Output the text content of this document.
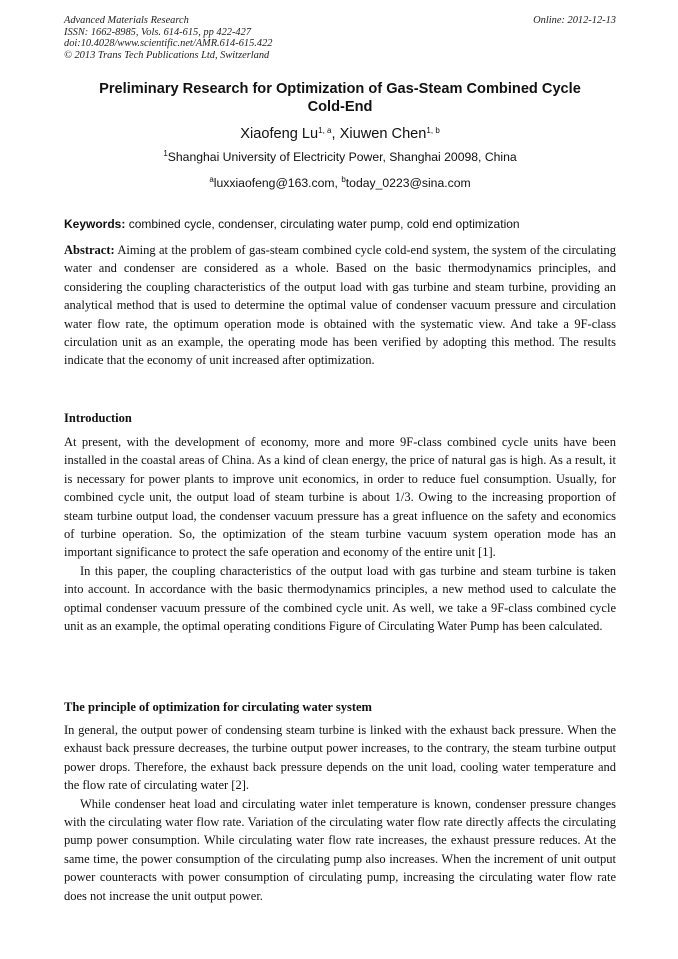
Advanced Materials Research
ISSN: 1662-8985, Vols. 614-615, pp 422-427
doi:10.4028/www.scientific.net/AMR.614-615.422
© 2013 Trans Tech Publications Ltd, Switzerland
Online: 2012-12-13
Preliminary Research for Optimization of Gas-Steam Combined Cycle
Cold-End
Xiaofeng Lu$^{1, a}$, Xiuwen Chen$^{1, b}$
$^1$Shanghai University of Electricity Power, Shanghai 20098, China
$^a$luxxiaofeng@163.com, $^b$today_0223@sina.com
Keywords: combined cycle, condenser, circulating water pump, cold end optimization

Abstract: Aiming at the problem of gas-steam combined cycle cold-end system, the system of the circulating water and condenser are considered as a whole. Based on the basic thermodynamics principles, and considering the coupling characteristics of the output load with gas turbine and steam turbine, providing an analytical method that is used to determine the optimal value of condenser vacuum pressure and circulation water flow rate, the optimum operation mode is obtained with the systematic view. And take a 9F-class circulation unit as an example, the operating mode has been verified by adopting this method. The results indicate that the economy of unit increased after optimization.

Introduction

At present, with the development of economy, more and more 9F-class combined cycle units have been installed in the coastal areas of China. As a kind of clean energy, the price of natural gas is high. As a result, it is necessary for power plants to improve unit economics, in order to reduce fuel consumption. Usually, for combined cycle unit, the output load of steam turbine is about 1/3. Owing to the increasing proportion of steam turbine output load, the condenser vacuum pressure has a great influence on the safety and economics of turbine operation. So, the optimization of the steam turbine vacuum system operation mode has an important significance to protect the safe operation and economy of the entire unit [1].

In this paper, the coupling characteristics of the output load with gas turbine and steam turbine is taken into account. In accordance with the basic thermodynamics principles, a new method used to calculate the optimal condenser vacuum pressure of the combined cycle unit. As well, we take a 9F-class combined cycle unit as an example, the optimal operating conditions Figure of Circulating Water Pump has been calculated.

The principle of optimization for circulating water system

In general, the output power of condensing steam turbine is linked with the exhaust back pressure. When the exhaust back pressure decreases, the turbine output power increases, to the contrary, the steam turbine output power drops. Therefore, the exhaust back pressure depends on the unit load, cooling water temperature and the flow rate of circulating water [2].

While condenser heat load and circulating water inlet temperature is known, condenser pressure changes with the circulating water flow rate. Variation of the circulating water flow rate directly affects the circulating pump power consumption. While circulating water flow rate increases, the exhaust pressure reduces. At the same time, the power consumption of the circulating pump also increases. When the increment of unit output power counteracts with power consumption of circulating pump, increasing the circulating water flow rate does not increase the unit output power.
